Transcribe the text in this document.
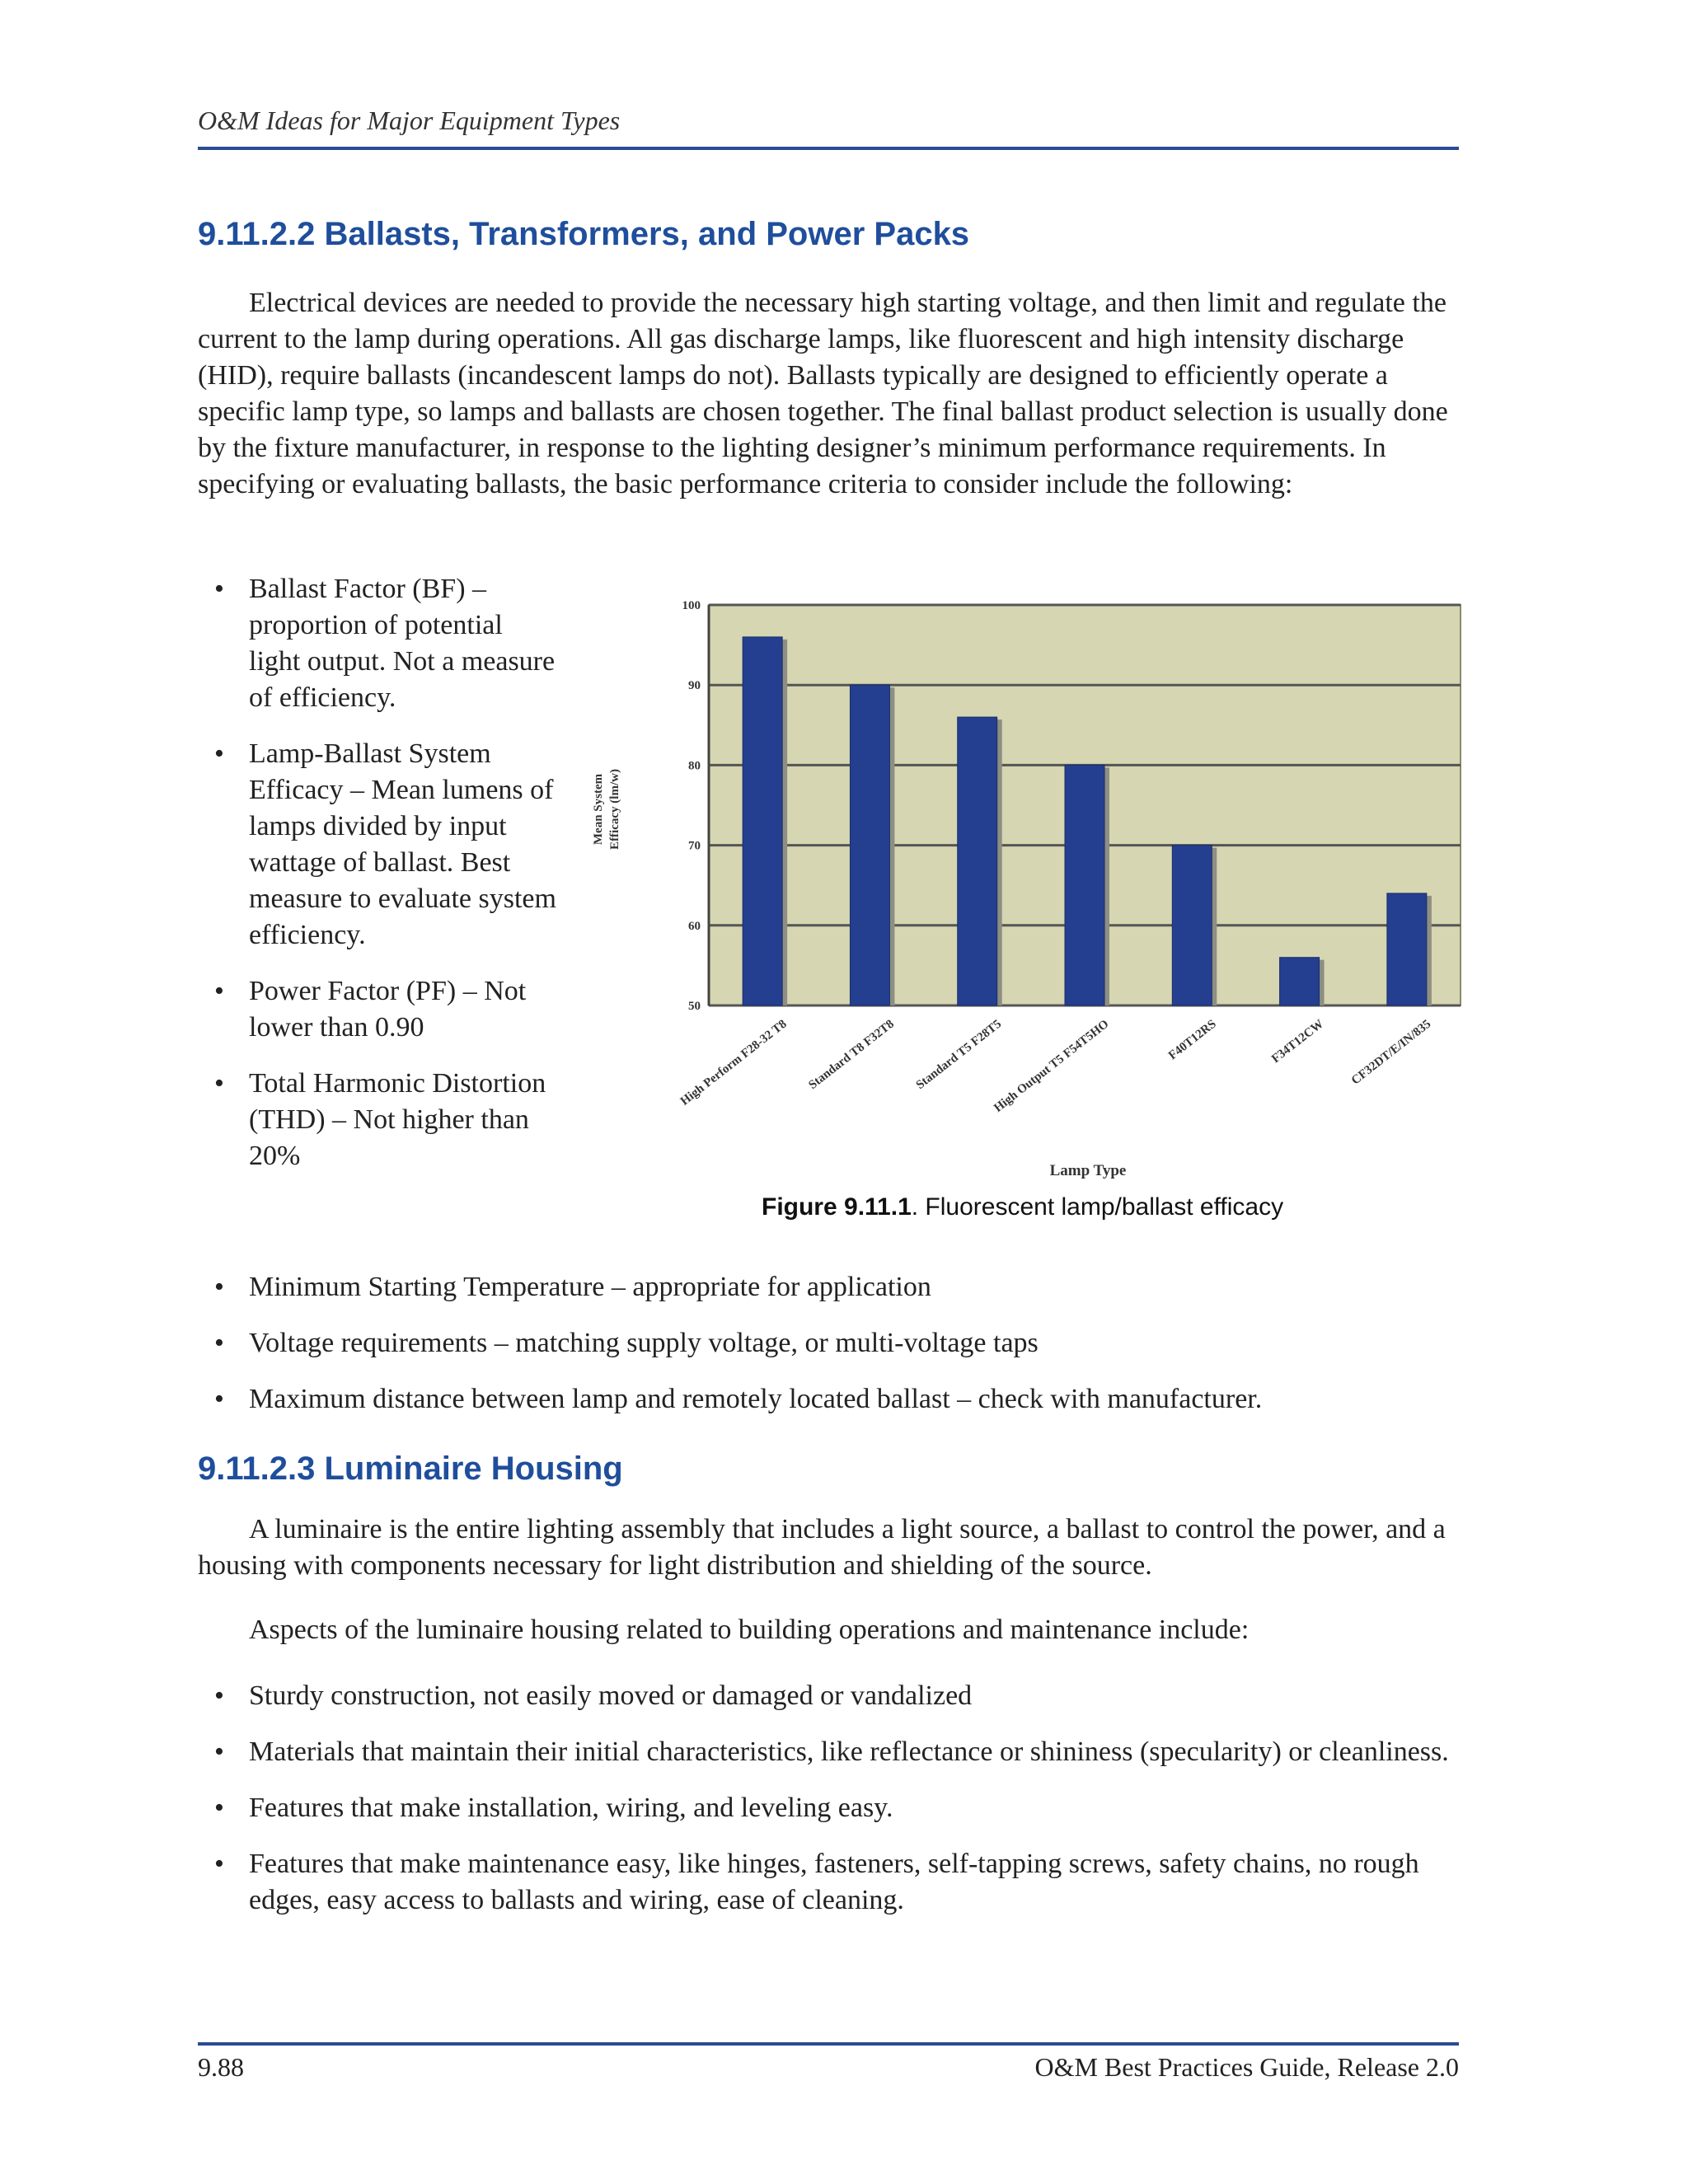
O&M Ideas for Major Equipment Types
9.11.2.2 Ballasts, Transformers, and Power Packs

Electrical devices are needed to provide the necessary high starting voltage, and then limit and regulate the current to the lamp during operations. All gas discharge lamps, like fluorescent and high intensity discharge (HID), require ballasts (incandescent lamps do not). Ballasts typically are designed to efficiently operate a specific lamp type, so lamps and ballasts are chosen together. The final ballast product selection is usually done by the fixture manufacturer, in response to the lighting designer’s minimum performance requirements. In specifying or evaluating ballasts, the basic performance criteria to consider include the following:

• Ballast Factor (BF) – proportion of potential light output. Not a measure of efficiency.
• Lamp-Ballast System Efficacy – Mean lumens of lamps divided by input wattage of ballast. Best measure to evaluate system efficiency.
• Power Factor (PF) – Not lower than 0.90
• Total Harmonic Distortion (THD) – Not higher than 20%
50
60
70
80
90
100
High Perform F28-32 T8 Standard T8 F32T8 Standard T5 F28T5
High Output T5 F54T5HO	F40T12RS	F34T12CW CF32DT/E/IN/835
Mean System Efficacy (lm/w)
Lamp Type
Figure 9.11.1. Fluorescent lamp/ballast efficacy
• Minimum Starting Temperature – appropriate for application
• Voltage requirements – matching supply voltage, or multi-voltage taps
• Maximum distance between lamp and remotely located ballast – check with manufacturer.
9.11.2.3 Luminaire Housing

A luminaire is the entire lighting assembly that includes a light source, a ballast to control the power, and a housing with components necessary for light distribution and shielding of the source.

Aspects of the luminaire housing related to building operations and maintenance include:

• Sturdy construction, not easily moved or damaged or vandalized
• Materials that maintain their initial characteristics, like reflectance or shininess (specularity) or cleanliness.
• Features that make installation, wiring, and leveling easy.
• Features that make maintenance easy, like hinges, fasteners, self-tapping screws, safety chains, no rough edges, easy access to ballasts and wiring, ease of cleaning.
9.88	O&M Best Practices Guide, Release 2.0
